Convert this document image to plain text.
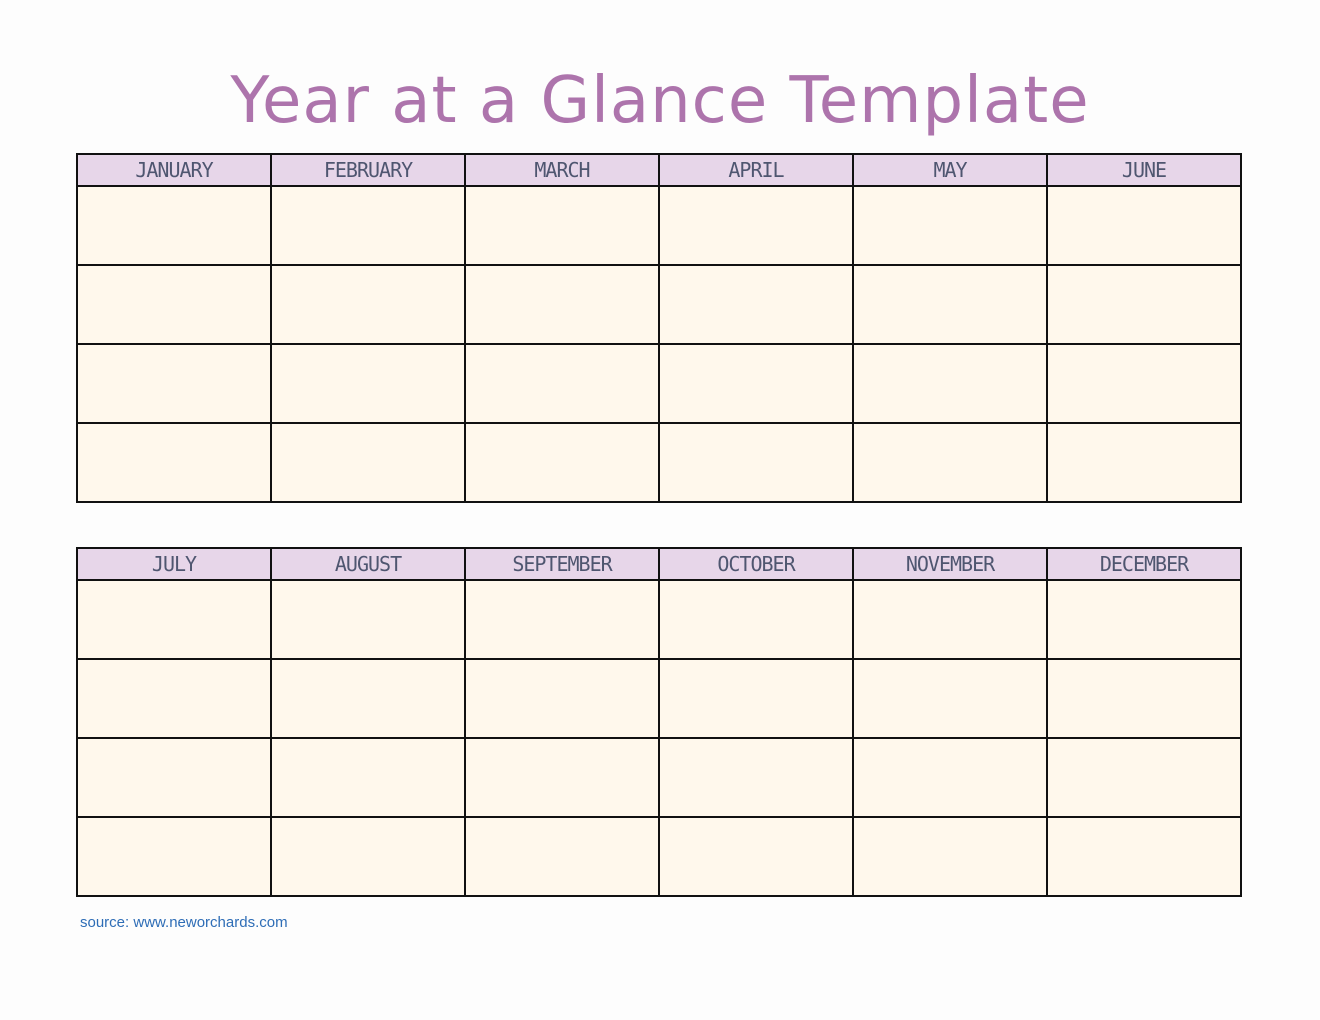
Year at a Glance Template
JANUARY	FEBRUARY	MARCH	APRIL	MAY	JUNE

JULY	AUGUST	SEPTEMBER	OCTOBER	NOVEMBER	DECEMBER

source: www.neworchards.com
